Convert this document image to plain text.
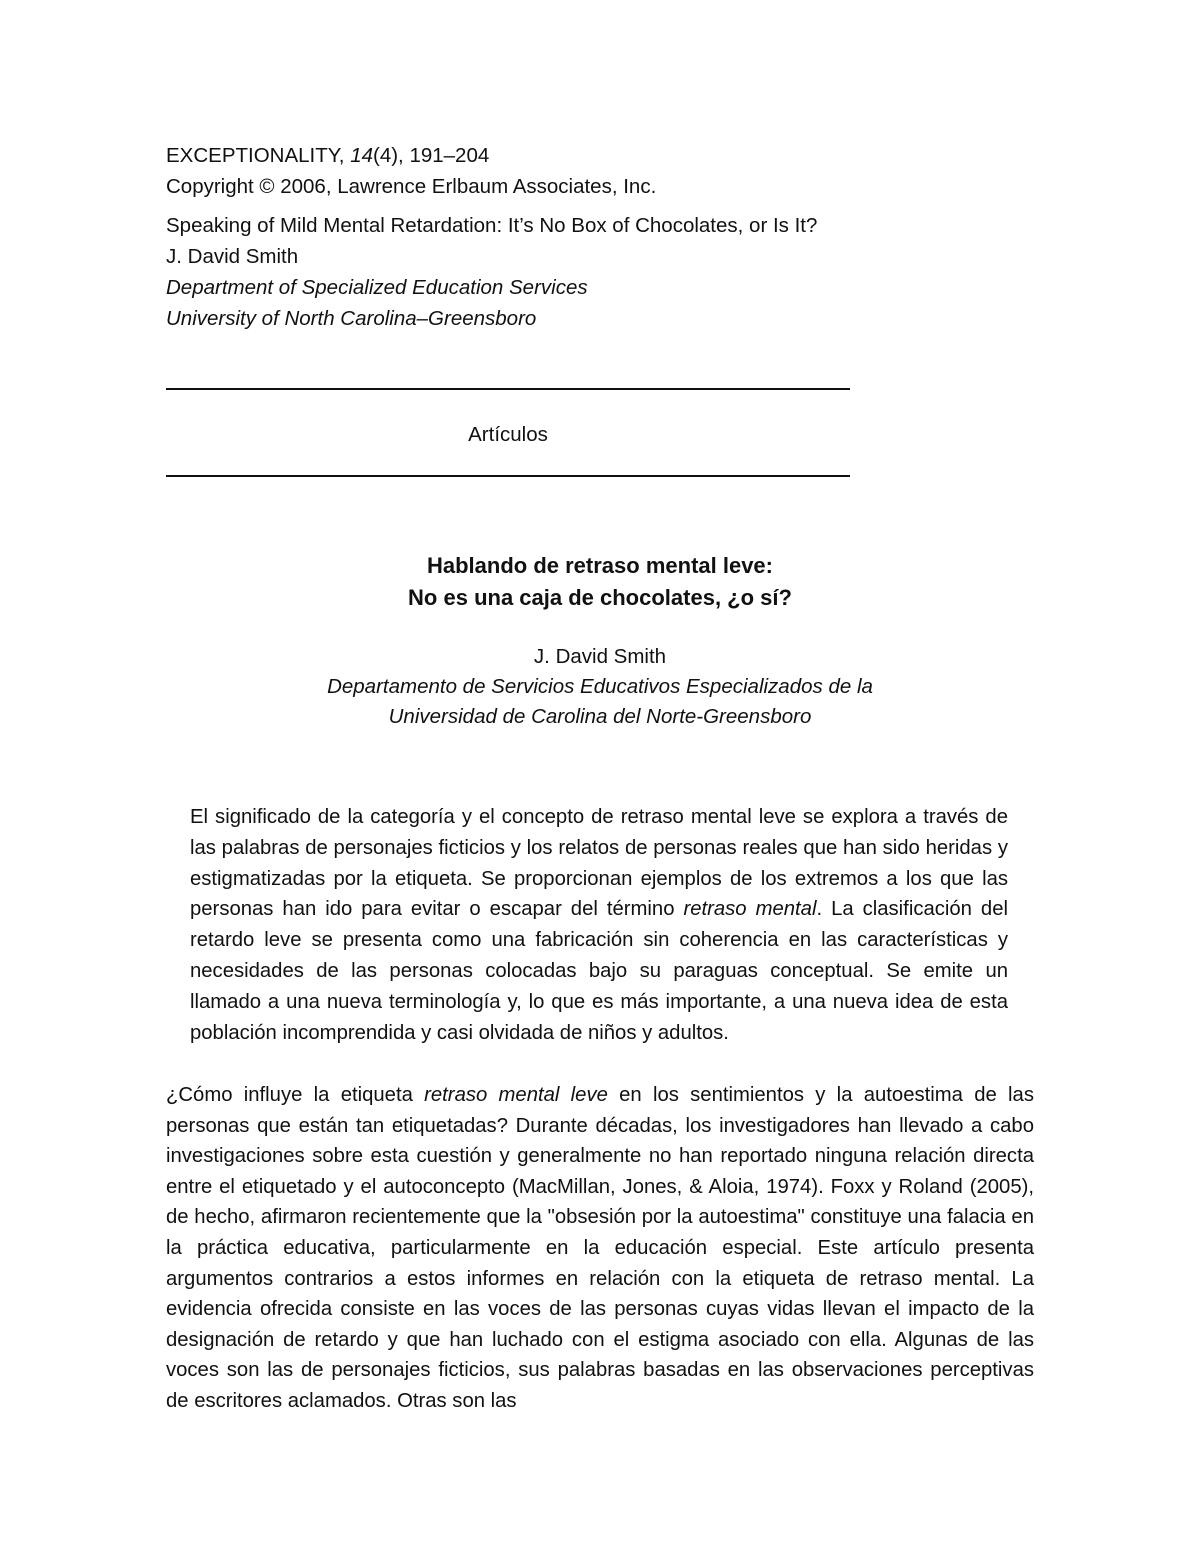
EXCEPTIONALITY, 14(4), 191–204
Copyright © 2006, Lawrence Erlbaum Associates, Inc.
Speaking of Mild Mental Retardation: It’s No Box of Chocolates, or Is It?
J. David Smith
Department of Specialized Education Services
University of North Carolina–Greensboro
Artículos
Hablando de retraso mental leve:
No es una caja de chocolates, ¿o sí?
J. David Smith
Departamento de Servicios Educativos Especializados de la
Universidad de Carolina del Norte-Greensboro

El significado de la categoría y el concepto de retraso mental leve se explora a través de las palabras de personajes ficticios y los relatos de personas reales que han sido heridas y estigmatizadas por la etiqueta. Se proporcionan ejemplos de los extremos a los que las personas han ido para evitar o escapar del término retraso mental. La clasificación del retardo leve se presenta como una fabricación sin coherencia en las características y necesidades de las personas colocadas bajo su paraguas conceptual. Se emite un llamado a una nueva terminología y, lo que es más importante, a una nueva idea de esta población incomprendida y casi olvidada de niños y adultos.

¿Cómo influye la etiqueta retraso mental leve en los sentimientos y la autoestima de las personas que están tan etiquetadas? Durante décadas, los investigadores han llevado a cabo investigaciones sobre esta cuestión y generalmente no han reportado ninguna relación directa entre el etiquetado y el autoconcepto (MacMillan, Jones, & Aloia, 1974). Foxx y Roland (2005), de hecho, afirmaron recientemente que la "obsesión por la autoestima" constituye una falacia en la práctica educativa, particularmente en la educación especial. Este artículo presenta argumentos contrarios a estos informes en relación con la etiqueta de retraso mental. La evidencia ofrecida consiste en las voces de las personas cuyas vidas llevan el impacto de la designación de retardo y que han luchado con el estigma asociado con ella. Algunas de las voces son las de personajes ficticios, sus palabras basadas en las observaciones perceptivas de escritores aclamados. Otras son las
